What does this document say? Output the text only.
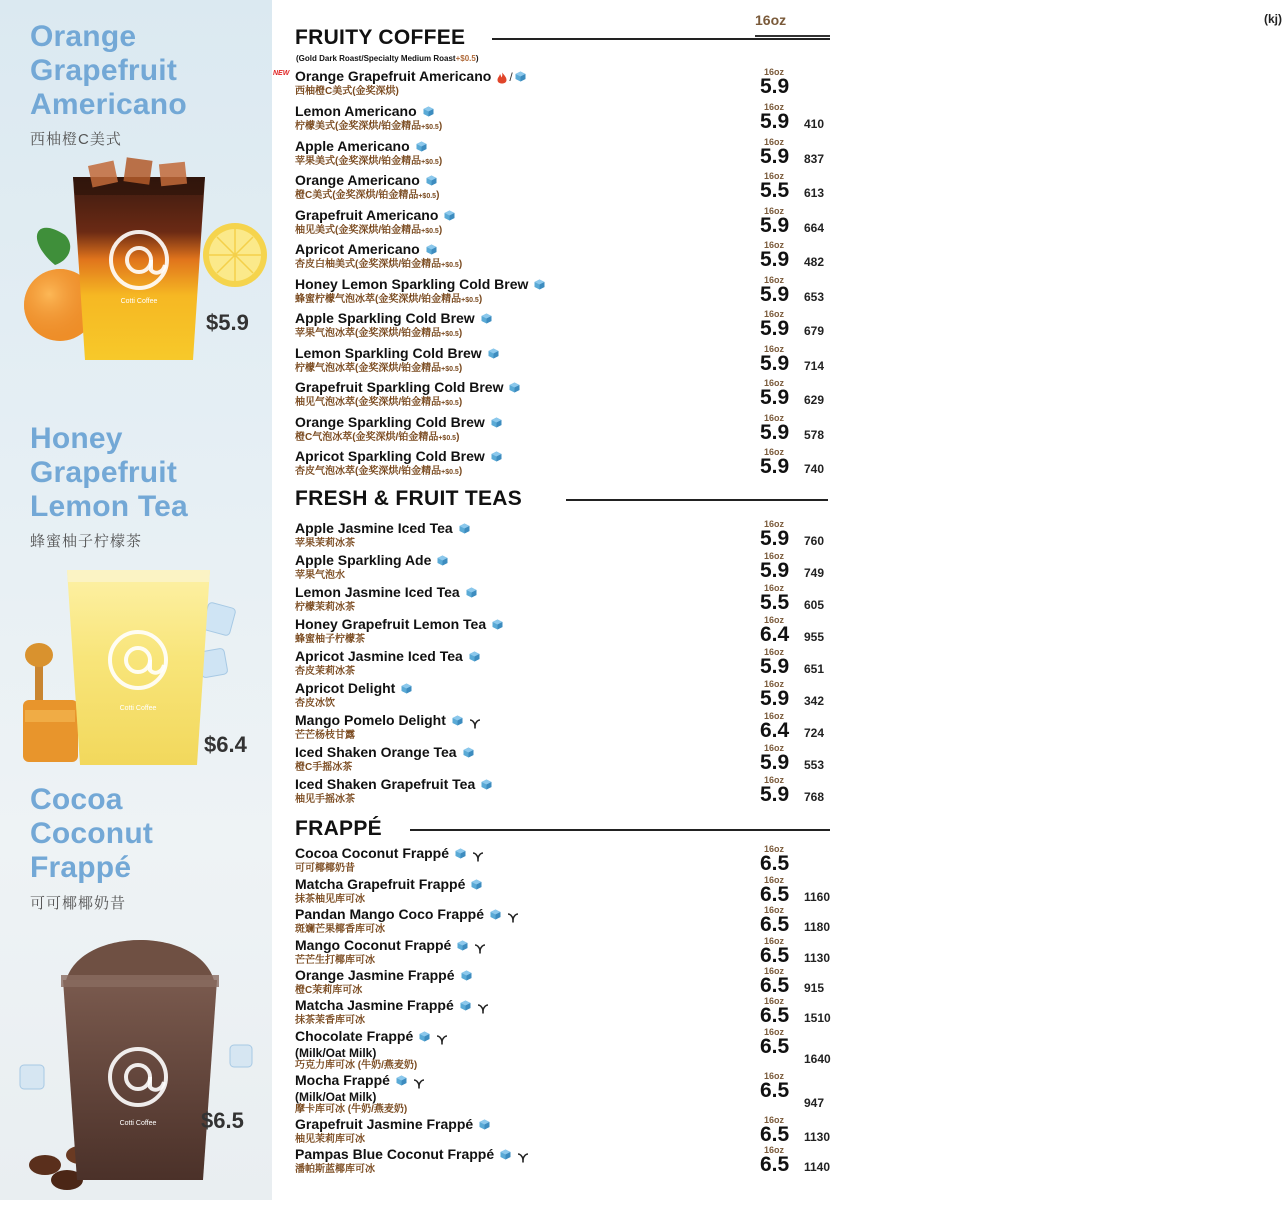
Orange
Grapefruit
Americano
西柚橙C美式
Cotti Coffee
$5.9
Honey
Grapefruit
Lemon Tea
蜂蜜柚子柠檬茶
Cotti Coffee
$6.4
Cocoa
Coconut
Frappé
可可椰椰奶昔
Cotti Coffee $6.5
16oz	(kj)
FRUITY COFFEE
(Gold Dark Roast/Specialty Medium Roast+$0.5)
NEW Orange Grapefruit Americano /
西柚橙C美式(金奖深烘)
16oz
5.9
Lemon Americano
柠檬美式(金奖深烘/铂金精品+$0.5)
16oz
5.9	410
Apple Americano
苹果美式(金奖深烘/铂金精品+$0.5)
16oz
5.9	837
Orange Americano
橙C美式(金奖深烘/铂金精品+$0.5)
16oz
5.5	613
Grapefruit Americano
柚见美式(金奖深烘/铂金精品+$0.5)
16oz
5.9	664
Apricot Americano
杏皮白柚美式(金奖深烘/铂金精品+$0.5)
16oz
5.9	482
Honey Lemon Sparkling Cold Brew
蜂蜜柠檬气泡冰萃(金奖深烘/铂金精品+$0.5)
16oz
5.9	653
Apple Sparkling Cold Brew
苹果气泡冰萃(金奖深烘/铂金精品+$0.5)
16oz
5.9	679
Lemon Sparkling Cold Brew
柠檬气泡冰萃(金奖深烘/铂金精品+$0.5)
16oz
5.9	714
Grapefruit Sparkling Cold Brew
柚见气泡冰萃(金奖深烘/铂金精品+$0.5)
16oz
5.9	629
Orange Sparkling Cold Brew
橙C气泡冰萃(金奖深烘/铂金精品+$0.5)
16oz
5.9	578
Apricot Sparkling Cold Brew
杏皮气泡冰萃(金奖深烘/铂金精品+$0.5)
16oz
5.9	740
Apple Jasmine Iced Tea
苹果茉莉冰茶
16oz
5.9	760
Apple Sparkling Ade
苹果气泡水
16oz
5.9	749
Lemon Jasmine Iced Tea
柠檬茉莉冰茶
16oz
5.5	605
Honey Grapefruit Lemon Tea
蜂蜜柚子柠檬茶
16oz
6.4	955
Apricot Jasmine Iced Tea
杏皮茉莉冰茶
16oz
5.9	651
Apricot Delight
杏皮冰饮
16oz
5.9	342
Mango Pomelo Delight
芒芒杨枝甘露
16oz
6.4	724
Iced Shaken Orange Tea
橙C手摇冰茶
16oz
5.9	553
Iced Shaken Grapefruit Tea
柚见手摇冰茶
16oz
5.9	768
Cocoa Coconut Frappé
可可椰椰奶昔
16oz
6.5
Matcha Grapefruit Frappé
抹茶柚见库可冰
16oz
6.5	1160
Pandan Mango Coco Frappé
斑斓芒果椰香库可冰
16oz
6.5	1180
Mango Coconut Frappé
芒芒生打椰库可冰
16oz
6.5	1130
Orange Jasmine Frappé
橙C茉莉库可冰
16oz
6.5	915
Matcha Jasmine Frappé
抹茶茉香库可冰
16oz
6.5	1510
Chocolate Frappé
(Milk/Oat Milk)
巧克力库可冰 (牛奶/燕麦奶)
16oz
6.5
1640
Mocha Frappé
(Milk/Oat Milk)
摩卡库可冰 (牛奶/燕麦奶)
16oz
6.5
947
Grapefruit Jasmine Frappé
柚见茉莉库可冰
16oz
6.5	1130
Pampas Blue Coconut Frappé
潘帕斯蓝椰库可冰
16oz
6.5	1140
FRESH & FRUIT TEAS
FRAPPÉ
